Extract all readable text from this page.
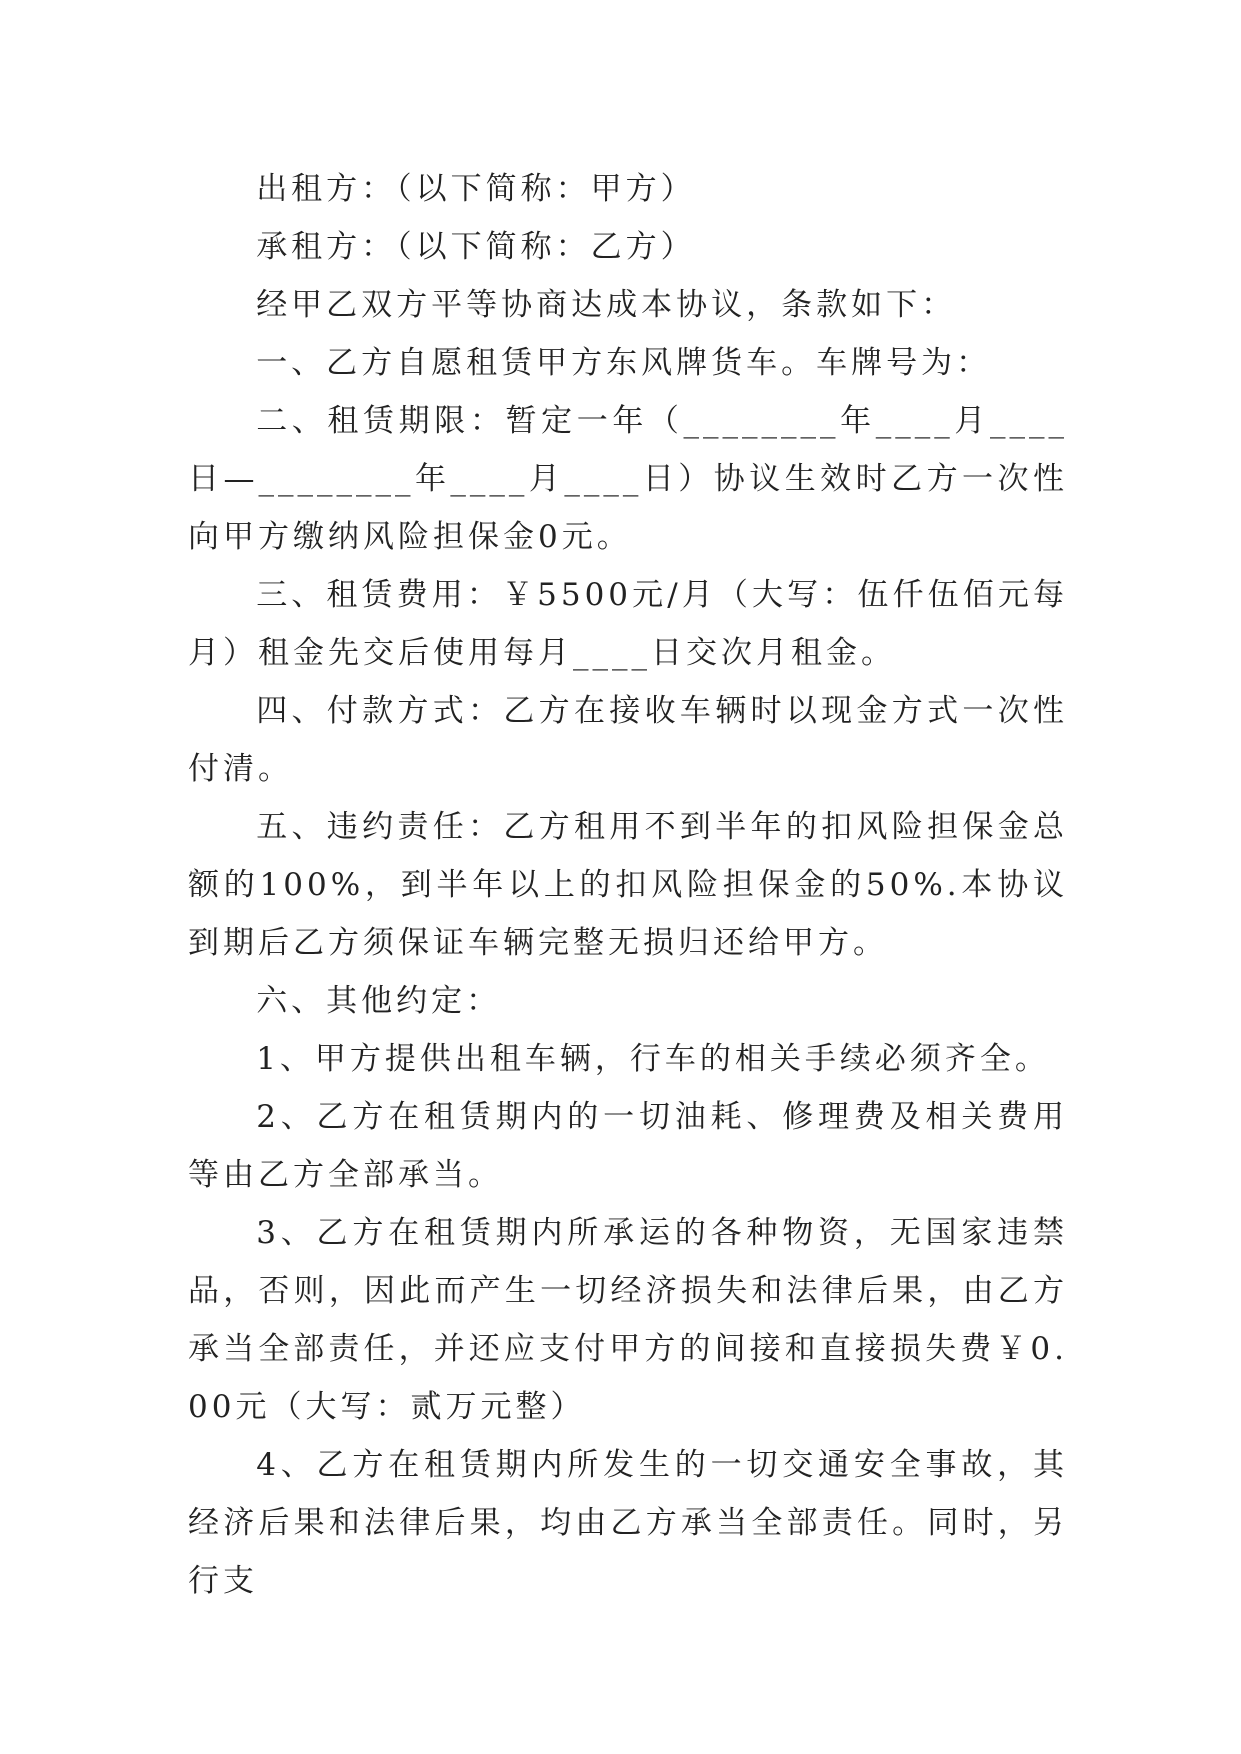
出租方：（以下简称：甲方）

承租方：（以下简称：乙方）

经甲乙双方平等协商达成本协议，条款如下：

一、乙方自愿租赁甲方东风牌货车。车牌号为：

二、租赁期限：暂定一年（________年____月____日—________年____月____日）协议生效时乙方一次性向甲方缴纳风险担保金0元。

三、租赁费用：￥5500元/月（大写：伍仟伍佰元每月）租金先交后使用每月____日交次月租金。

四、付款方式：乙方在接收车辆时以现金方式一次性付清。

五、违约责任：乙方租用不到半年的扣风险担保金总额的100%，到半年以上的扣风险担保金的50%.本协议到期后乙方须保证车辆完整无损归还给甲方。

六、其他约定：

1、甲方提供出租车辆，行车的相关手续必须齐全。

2、乙方在租赁期内的一切油耗、修理费及相关费用等由乙方全部承当。

3、乙方在租赁期内所承运的各种物资，无国家违禁品，否则，因此而产生一切经济损失和法律后果，由乙方承当全部责任，并还应支付甲方的间接和直接损失费￥0.00元（大写：贰万元整）

4、乙方在租赁期内所发生的一切交通安全事故，其经济后果和法律后果，均由乙方承当全部责任。同时，另行支
